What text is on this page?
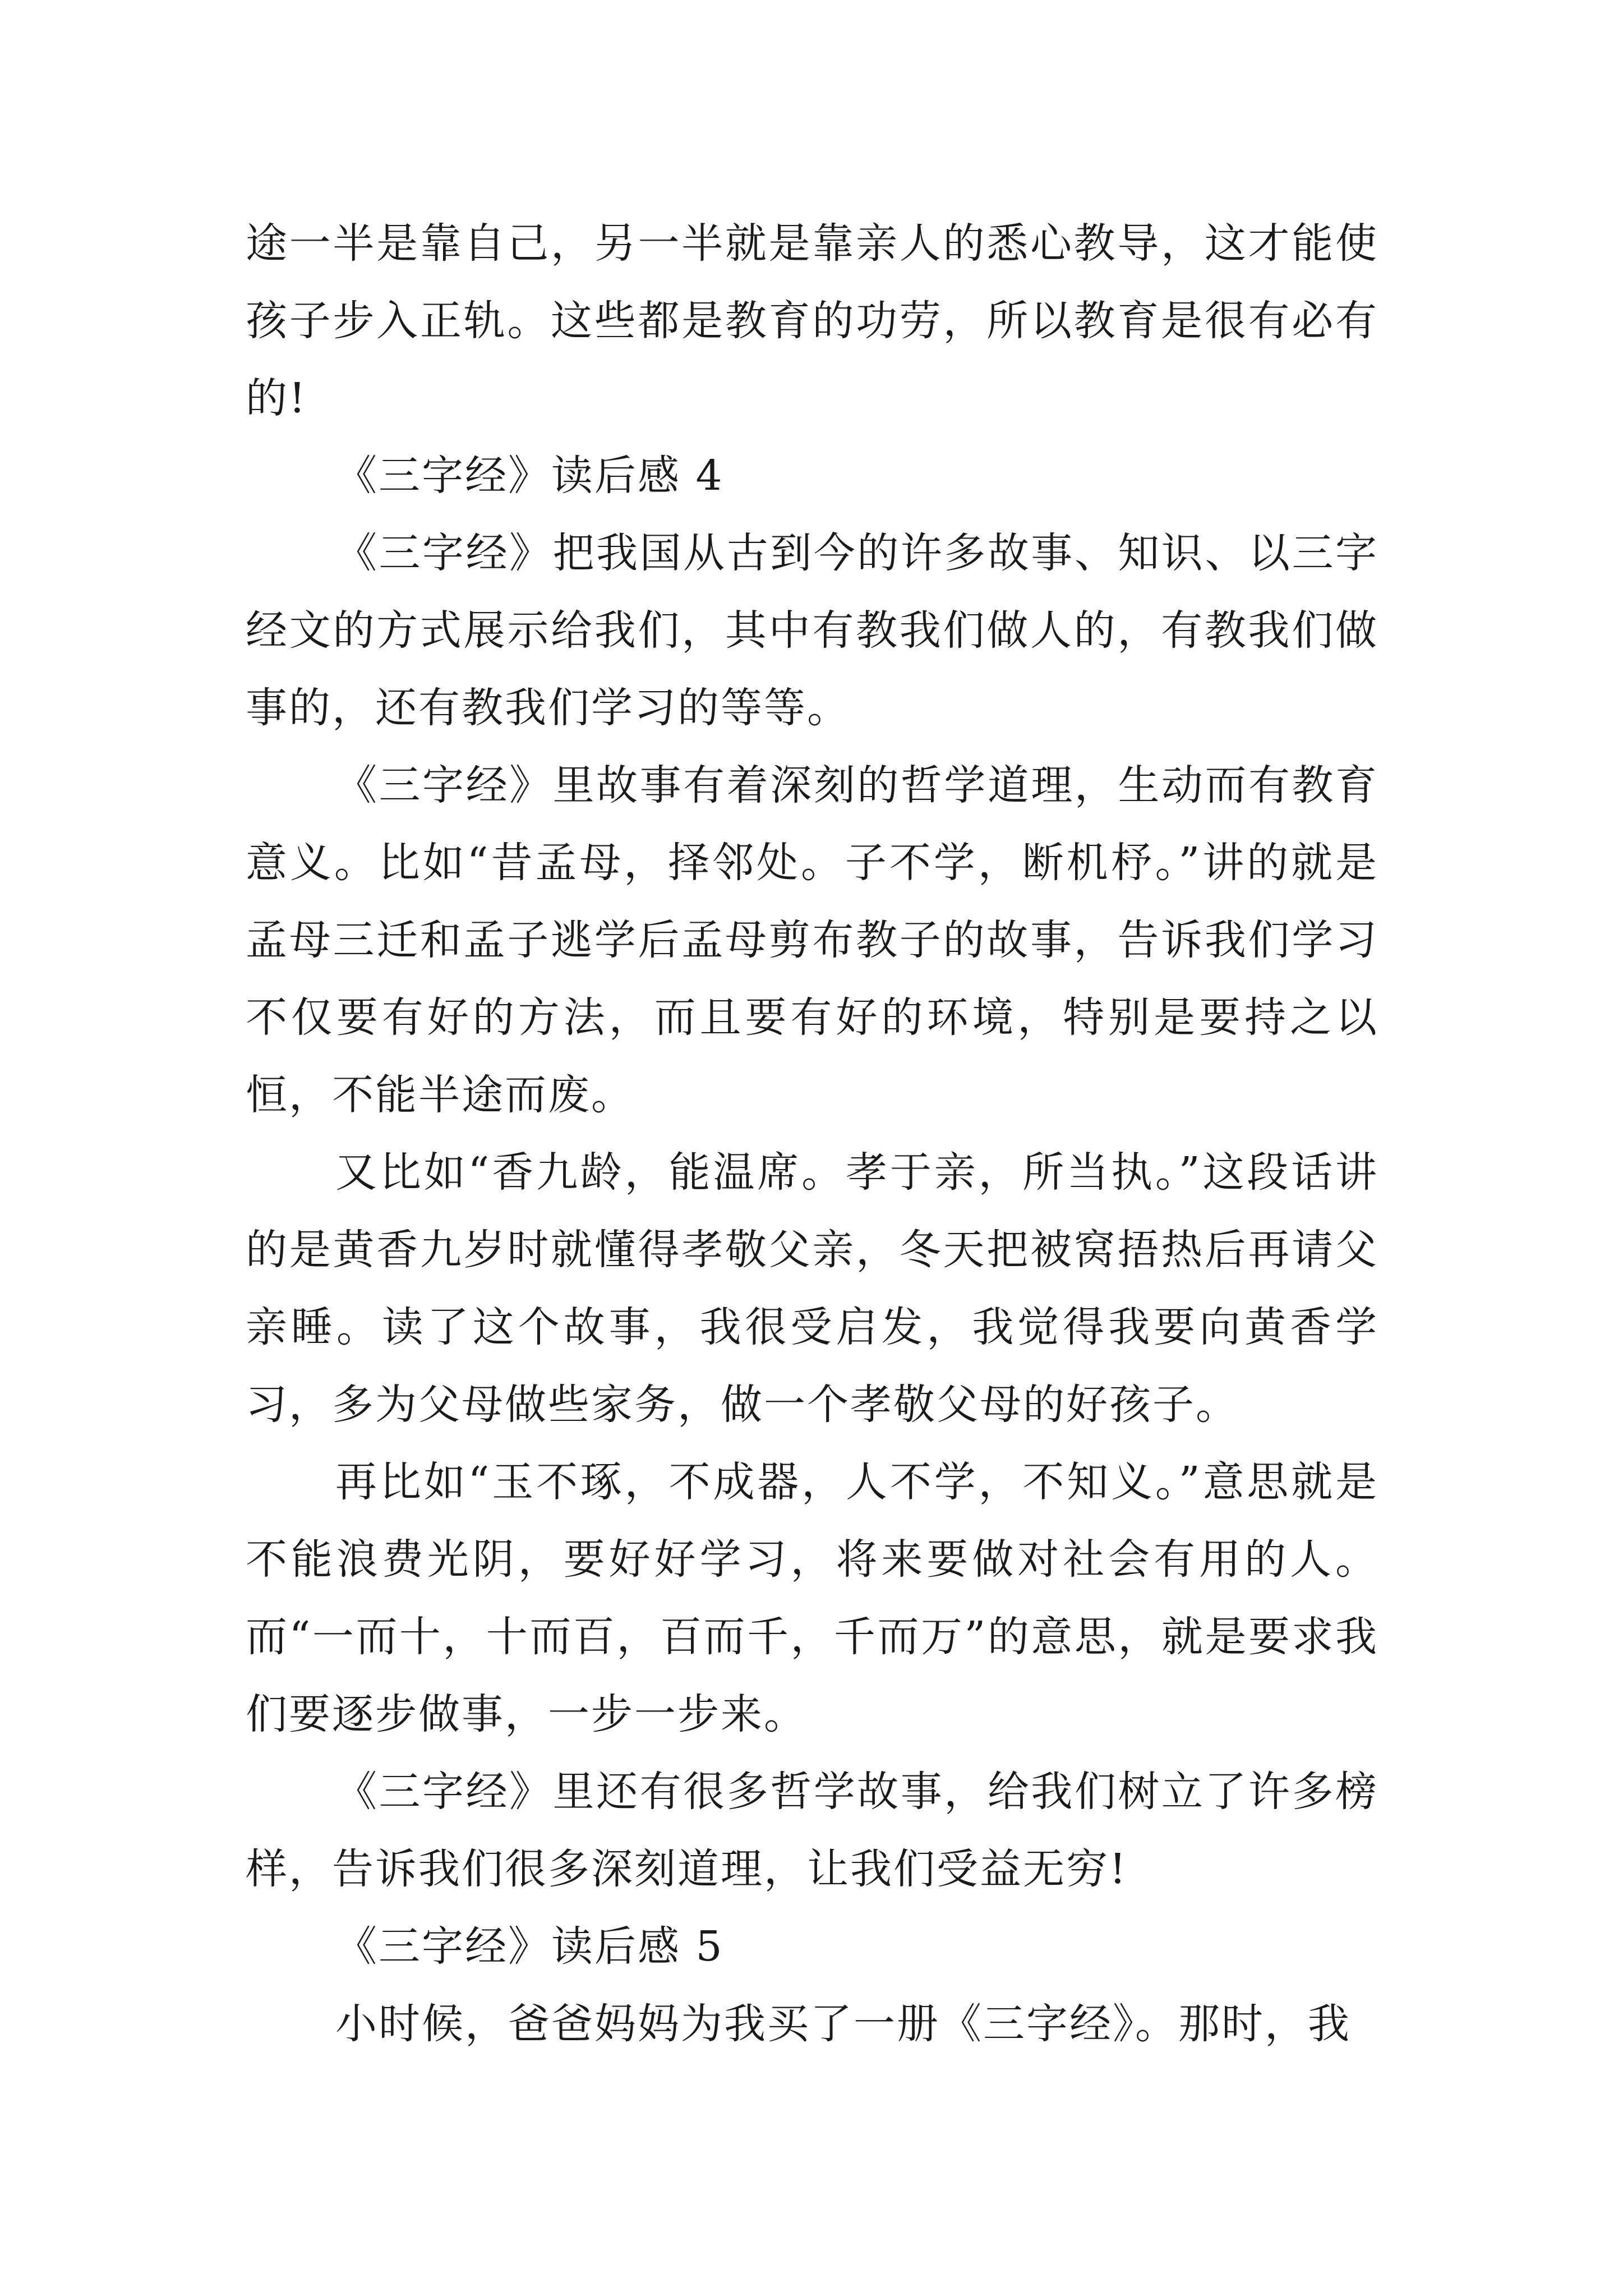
途一半是靠自己，另一半就是靠亲人的悉心教导，这才能使孩子步入正轨。这些都是教育的功劳，所以教育是很有必有的!

《三字经》读后感 4

《三字经》把我国从古到今的许多故事、知识、以三字经文的方式展示给我们，其中有教我们做人的，有教我们做事的，还有教我们学习的等等。

《三字经》里故事有着深刻的哲学道理，生动而有教育意义。比如“昔孟母，择邻处。子不学，断机杼。”讲的就是孟母三迁和孟子逃学后孟母剪布教子的故事，告诉我们学习不仅要有好的方法，而且要有好的环境，特别是要持之以恒，不能半途而废。

又比如“香九龄，能温席。孝于亲，所当执。”这段话讲的是黄香九岁时就懂得孝敬父亲，冬天把被窝捂热后再请父亲睡。读了这个故事，我很受启发，我觉得我要向黄香学习，多为父母做些家务，做一个孝敬父母的好孩子。

再比如“玉不琢，不成器，人不学，不知义。”意思就是不能浪费光阴，要好好学习，将来要做对社会有用的人。而“一而十，十而百，百而千，千而万”的意思，就是要求我们要逐步做事，一步一步来。

《三字经》里还有很多哲学故事，给我们树立了许多榜样，告诉我们很多深刻道理，让我们受益无穷!

《三字经》读后感 5

小时候，爸爸妈妈为我买了一册《三字经》。那时，我
